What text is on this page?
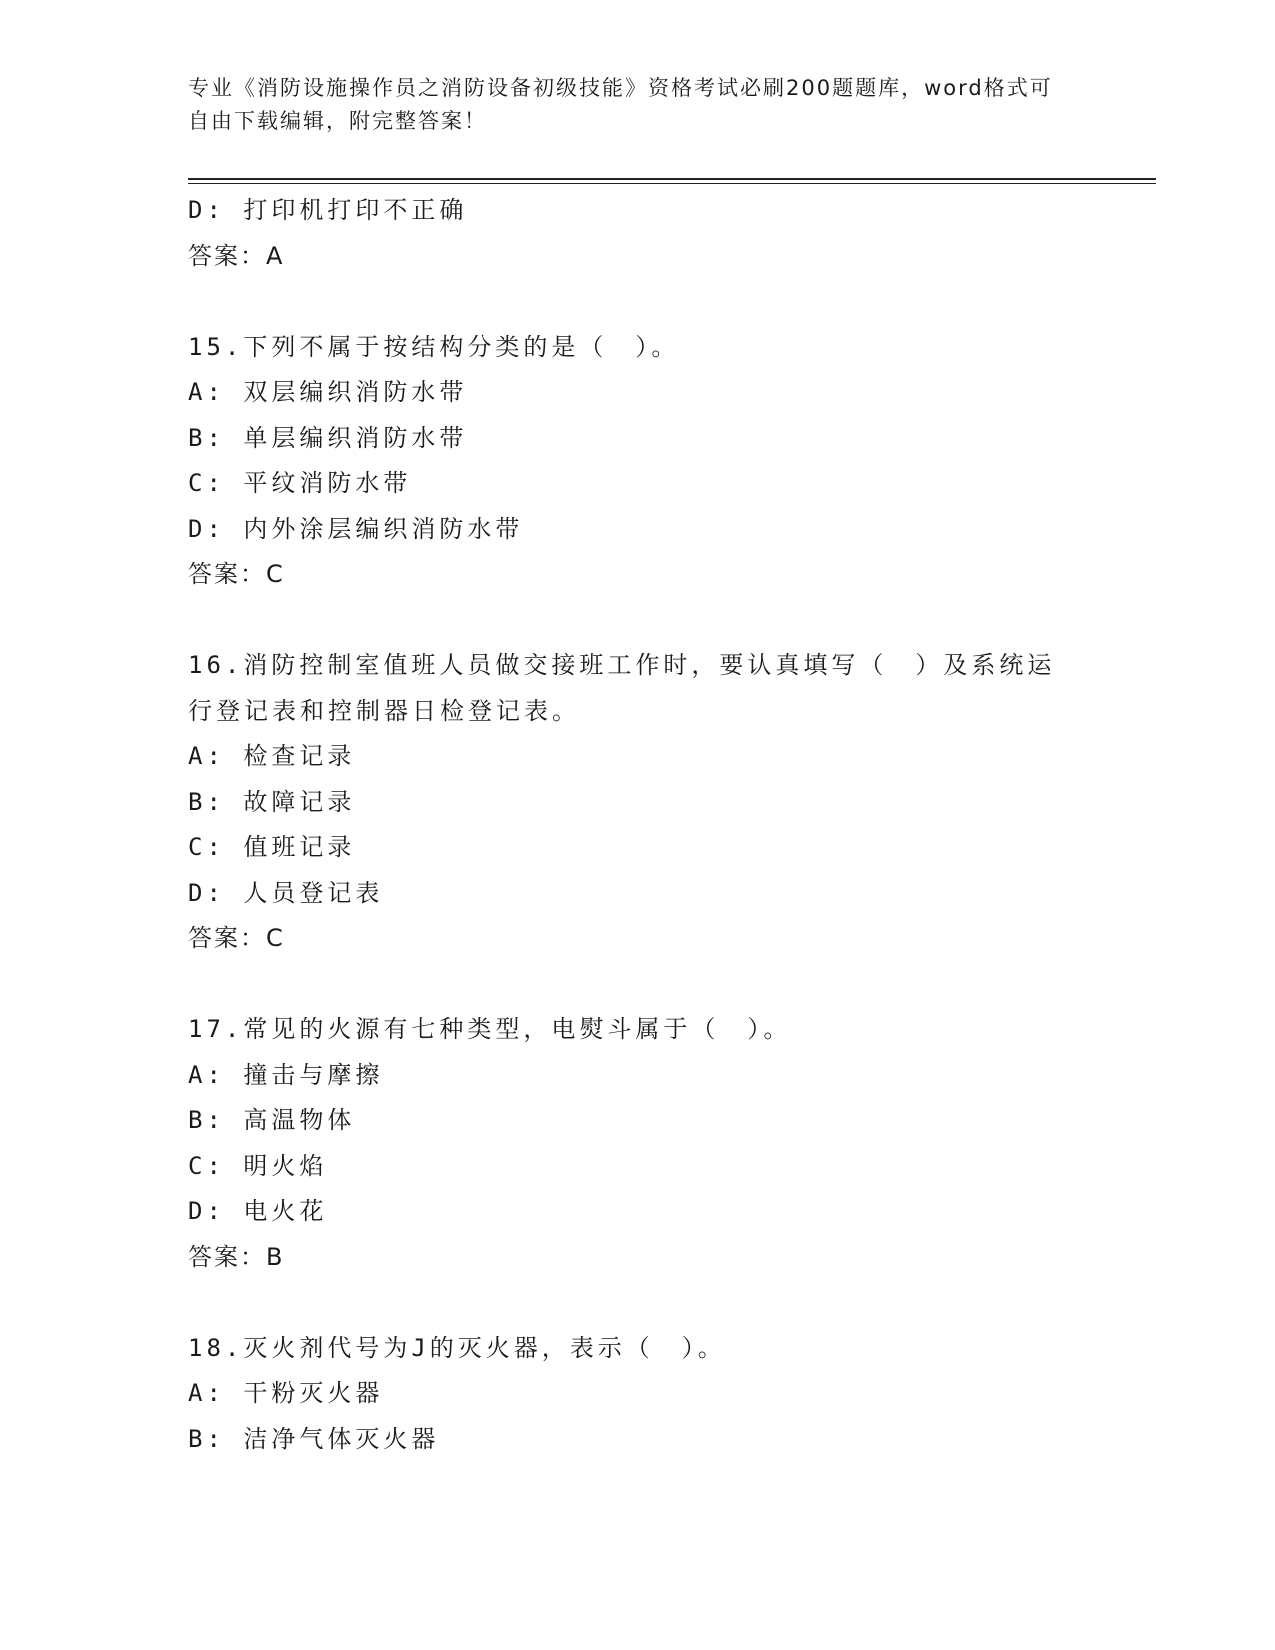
专业《消防设施操作员之消防设备初级技能》资格考试必刷200题题库，word格式可自由下载编辑，附完整答案！
D: 打印机打印不正确
答案：A
15.下列不属于按结构分类的是（　）。
A: 双层编织消防水带
B: 单层编织消防水带
C: 平纹消防水带
D: 内外涂层编织消防水带
答案：C
16.消防控制室值班人员做交接班工作时，要认真填写（　）及系统运行登记表和控制器日检登记表。
A: 检查记录
B: 故障记录
C: 值班记录
D: 人员登记表
答案：C
17.常见的火源有七种类型，电熨斗属于（　）。
A: 撞击与摩擦
B: 高温物体
C: 明火焰
D: 电火花
答案：B
18.灭火剂代号为J的灭火器，表示（　）。
A: 干粉灭火器
B: 洁净气体灭火器
